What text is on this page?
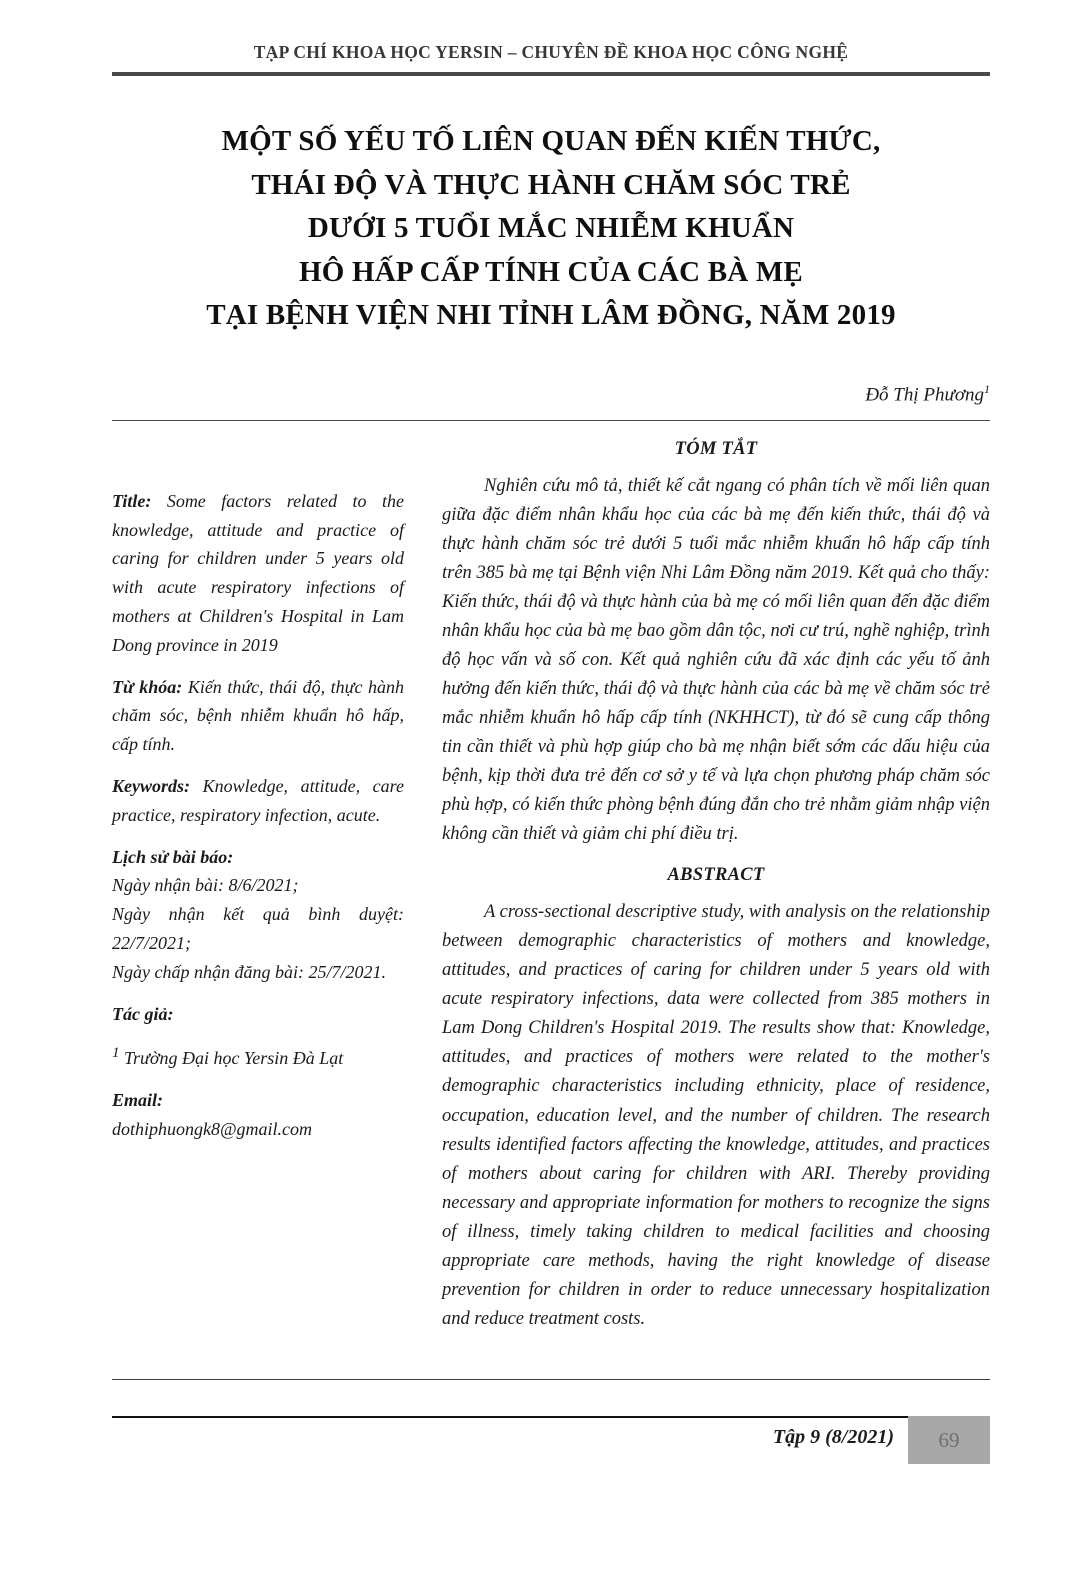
TẠP CHÍ KHOA HỌC YERSIN – CHUYÊN ĐỀ KHOA HỌC CÔNG NGHỆ
MỘT SỐ YẾU TỐ LIÊN QUAN ĐẾN KIẾN THỨC,
THÁI ĐỘ VÀ THỰC HÀNH CHĂM SÓC TRẺ
DƯỚI 5 TUỔI MẮC NHIỄM KHUẨN
HÔ HẤP CẤP TÍNH CỦA CÁC BÀ MẸ
TẠI BỆNH VIỆN NHI TỈNH LÂM ĐỒNG, NĂM 2019
Đỗ Thị Phương$^1$

Title: Some factors related to the knowledge, attitude and practice of caring for children under 5 years old with acute respiratory infections of mothers at Children's Hospital in Lam Dong province in 2019

Từ khóa: Kiến thức, thái độ, thực hành chăm sóc, bệnh nhiễm khuẩn hô hấp, cấp tính.

Keywords: Knowledge, attitude, care practice, respiratory infection, acute.

Lịch sử bài báo:

Ngày nhận bài: 8/6/2021;

Ngày nhận kết quả bình duyệt: 22/7/2021;

Ngày chấp nhận đăng bài: 25/7/2021.

Tác giả:

$^1$ Trường Đại học Yersin Đà Lạt

Email:

dothiphuongk8@gmail.com

TÓM TẮT

Nghiên cứu mô tả, thiết kế cắt ngang có phân tích về mối liên quan giữa đặc điểm nhân khẩu học của các bà mẹ đến kiến thức, thái độ và thực hành chăm sóc trẻ dưới 5 tuổi mắc nhiễm khuẩn hô hấp cấp tính trên 385 bà mẹ tại Bệnh viện Nhi Lâm Đồng năm 2019. Kết quả cho thấy: Kiến thức, thái độ và thực hành của bà mẹ có mối liên quan đến đặc điểm nhân khẩu học của bà mẹ bao gồm dân tộc, nơi cư trú, nghề nghiệp, trình độ học vấn và số con. Kết quả nghiên cứu đã xác định các yếu tố ảnh hưởng đến kiến thức, thái độ và thực hành của các bà mẹ về chăm sóc trẻ mắc nhiễm khuẩn hô hấp cấp tính (NKHHCT), từ đó sẽ cung cấp thông tin cần thiết và phù hợp giúp cho bà mẹ nhận biết sớm các dấu hiệu của bệnh, kịp thời đưa trẻ đến cơ sở y tế và lựa chọn phương pháp chăm sóc phù hợp, có kiến thức phòng bệnh đúng đắn cho trẻ nhằm giảm nhập viện không cần thiết và giảm chi phí điều trị.

ABSTRACT

A cross-sectional descriptive study, with analysis on the relationship between demographic characteristics of mothers and knowledge, attitudes, and practices of caring for children under 5 years old with acute respiratory infections, data were collected from 385 mothers in Lam Dong Children's Hospital 2019. The results show that: Knowledge, attitudes, and practices of mothers were related to the mother's demographic characteristics including ethnicity, place of residence, occupation, education level, and the number of children. The research results identified factors affecting the knowledge, attitudes, and practices of mothers about caring for children with ARI. Thereby providing necessary and appropriate information for mothers to recognize the signs of illness, timely taking children to medical facilities and choosing appropriate care methods, having the right knowledge of disease prevention for children in order to reduce unnecessary hospitalization and reduce treatment costs.

Tập 9 (8/2021)	69
